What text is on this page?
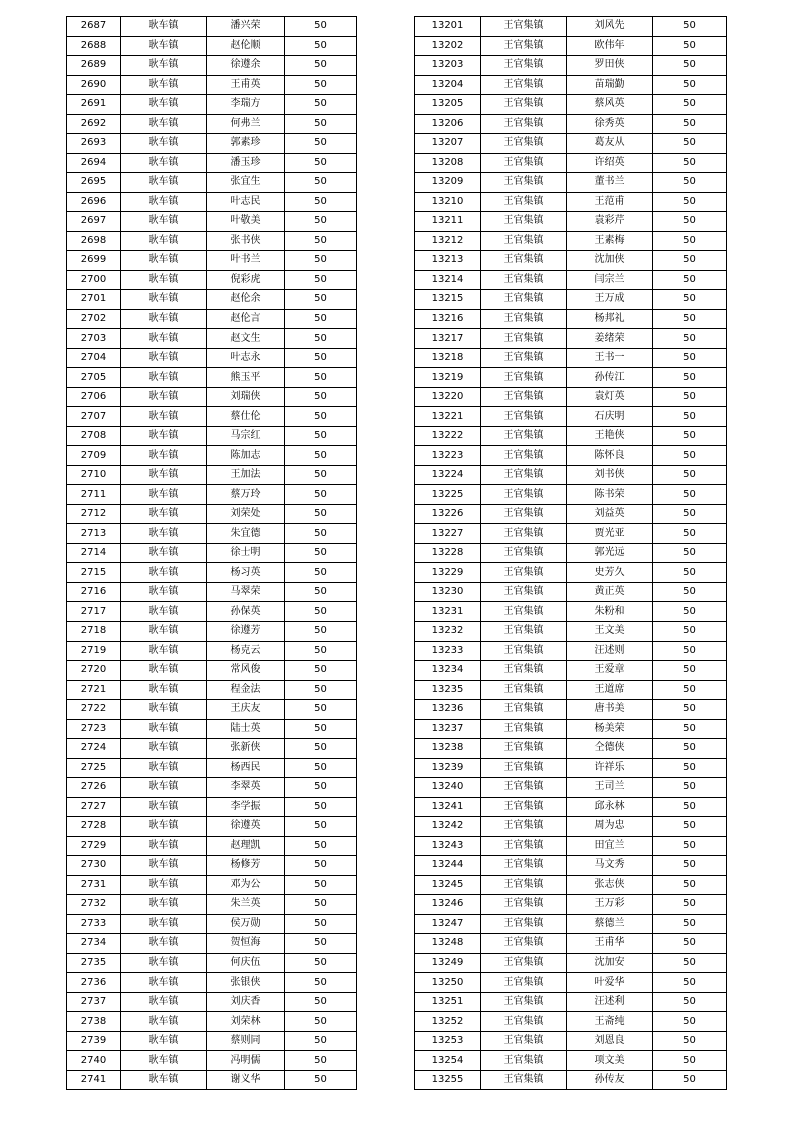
2687	耿车镇	潘兴荣	50
2688	耿车镇	赵伦顺	50
2689	耿车镇	徐遵余	50
2690	耿车镇	王甫英	50
2691	耿车镇	李瑞方	50
2692	耿车镇	何弗兰	50
2693	耿车镇	郭素珍	50
2694	耿车镇	潘玉珍	50
2695	耿车镇	张宜生	50
2696	耿车镇	叶志民	50
2697	耿车镇	叶敬美	50
2698	耿车镇	张书侠	50
2699	耿车镇	叶书兰	50
2700	耿车镇	倪彩虎	50
2701	耿车镇	赵伦余	50
2702	耿车镇	赵伦言	50
2703	耿车镇	赵文生	50
2704	耿车镇	叶志永	50
2705	耿车镇	熊玉平	50
2706	耿车镇	刘瑞侠	50
2707	耿车镇	蔡仕伦	50
2708	耿车镇	马宗红	50
2709	耿车镇	陈加志	50
2710	耿车镇	王加法	50
2711	耿车镇	蔡万玲	50
2712	耿车镇	刘荣处	50
2713	耿车镇	朱宜德	50
2714	耿车镇	徐士明	50
2715	耿车镇	杨习英	50
2716	耿车镇	马翠荣	50
2717	耿车镇	孙保英	50
2718	耿车镇	徐遵芳	50
2719	耿车镇	杨克云	50
2720	耿车镇	常风俊	50
2721	耿车镇	程金法	50
2722	耿车镇	王庆友	50
2723	耿车镇	陆士英	50
2724	耿车镇	张新侠	50
2725	耿车镇	杨西民	50
2726	耿车镇	李翠英	50
2727	耿车镇	李学振	50
2728	耿车镇	徐遵英	50
2729	耿车镇	赵理凯	50
2730	耿车镇	杨修芳	50
2731	耿车镇	邓为公	50
2732	耿车镇	朱兰英	50
2733	耿车镇	侯万勋	50
2734	耿车镇	贺恒海	50
2735	耿车镇	何庆伍	50
2736	耿车镇	张银侠	50
2737	耿车镇	刘庆香	50
2738	耿车镇	刘荣林	50
2739	耿车镇	蔡则同	50
2740	耿车镇	冯明儒	50
2741	耿车镇	谢义华	50
13201	王官集镇	刘风先	50
13202	王官集镇	欧伟年	50
13203	王官集镇	罗田侠	50
13204	王官集镇	苗瑞勤	50
13205	王官集镇	蔡风英	50
13206	王官集镇	徐秀英	50
13207	王官集镇	葛友从	50
13208	王官集镇	许绍英	50
13209	王官集镇	董书兰	50
13210	王官集镇	王范甫	50
13211	王官集镇	袁彩芹	50
13212	王官集镇	王素梅	50
13213	王官集镇	沈加侠	50
13214	王官集镇	闫宗兰	50
13215	王官集镇	王万成	50
13216	王官集镇	杨邦礼	50
13217	王官集镇	姜绪荣	50
13218	王官集镇	王书一	50
13219	王官集镇	孙传江	50
13220	王官集镇	袁灯英	50
13221	王官集镇	石庆明	50
13222	王官集镇	王艳侠	50
13223	王官集镇	陈怀良	50
13224	王官集镇	刘书侠	50
13225	王官集镇	陈书荣	50
13226	王官集镇	刘益英	50
13227	王官集镇	贾光亚	50
13228	王官集镇	郭光远	50
13229	王官集镇	史芳久	50
13230	王官集镇	黄正英	50
13231	王官集镇	朱粉和	50
13232	王官集镇	王文美	50
13233	王官集镇	汪述则	50
13234	王官集镇	王爱章	50
13235	王官集镇	王道席	50
13236	王官集镇	唐书美	50
13237	王官集镇	杨美荣	50
13238	王官集镇	仝德侠	50
13239	王官集镇	许祥乐	50
13240	王官集镇	王司兰	50
13241	王官集镇	邱永林	50
13242	王官集镇	周为忠	50
13243	王官集镇	田宜兰	50
13244	王官集镇	马文秀	50
13245	王官集镇	张志侠	50
13246	王官集镇	王万彩	50
13247	王官集镇	蔡德兰	50
13248	王官集镇	王甫华	50
13249	王官集镇	沈加安	50
13250	王官集镇	叶爱华	50
13251	王官集镇	汪述利	50
13252	王官集镇	王斋纯	50
13253	王官集镇	刘恩良	50
13254	王官集镇	项文美	50
13255	王官集镇	孙传友	50
